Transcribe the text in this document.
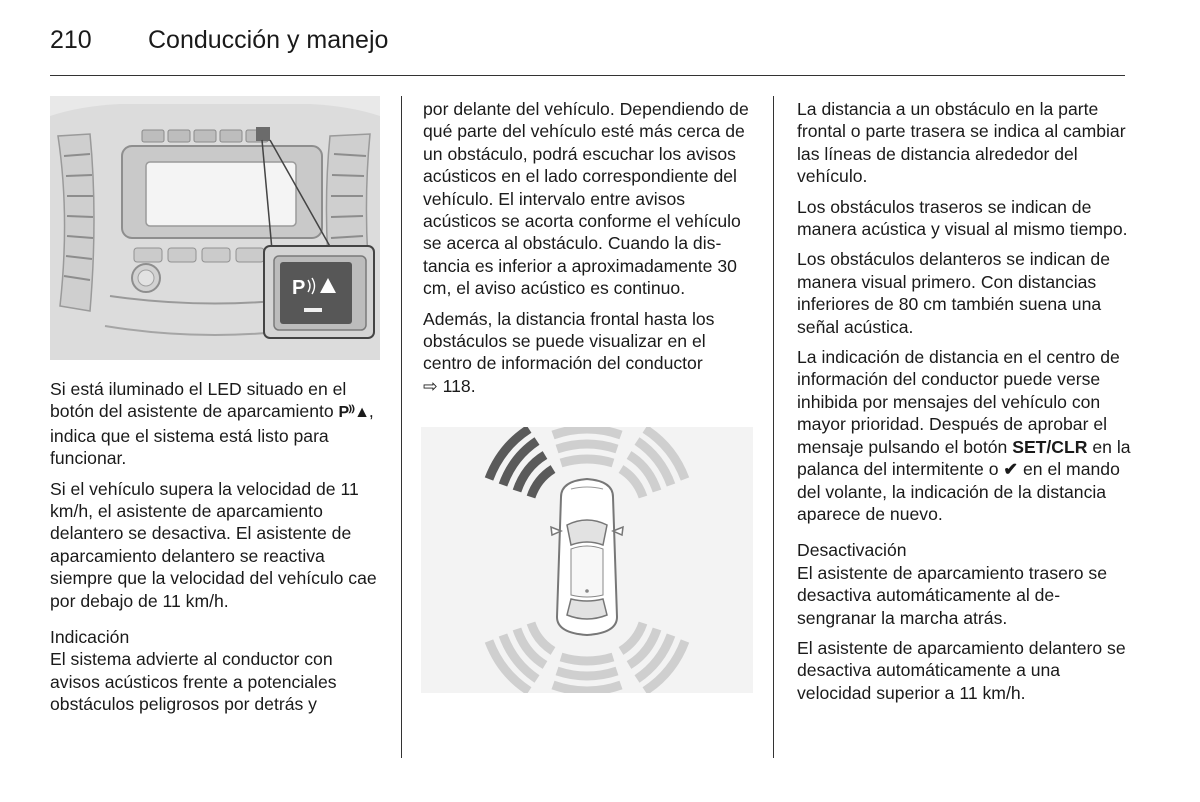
210 Conducción y manejo
P

Si está iluminado el LED situado en el botón del asistente de aparcamiento P⁾⁾▲, indica que el sistema está listo para funcionar.

Si el vehículo supera la velocidad de 11 km/h, el asistente de aparcamiento delantero se desactiva. El asistente de aparcamiento delantero se reactiva siempre que la velocidad del vehículo cae por debajo de 11 km/h.

Indicación

El sistema advierte al conductor con avisos acústicos frente a potenciales obstáculos peligrosos por detrás y

por delante del vehículo. Dependiendo de qué parte del vehículo esté más cerca de un obstáculo, podrá escuchar los avisos acústicos en el lado correspondiente del vehículo. El intervalo entre avisos acústicos se acorta conforme el vehículo se acerca al obstáculo. Cuando la distancia es inferior a aproximadamente 30 cm, el aviso acústico es continuo.

Además, la distancia frontal hasta los obstáculos se puede visualizar en el centro de información del conductor
⇨ 118.

La distancia a un obstáculo en la parte frontal o parte trasera se indica al cambiar las líneas de distancia alrededor del vehículo.

Los obstáculos traseros se indican de manera acústica y visual al mismo tiempo.

Los obstáculos delanteros se indican de manera visual primero. Con distancias inferiores de 80 cm también suena una señal acústica.

La indicación de distancia en el centro de información del conductor puede verse inhibida por mensajes del vehículo con mayor prioridad. Después de aprobar el mensaje pulsando el botón SET/CLR en la palanca del intermitente o ✔ en el mando del volante, la indicación de la distancia aparece de nuevo.

Desactivación

El asistente de aparcamiento trasero se desactiva automáticamente al desengranar la marcha atrás.

El asistente de aparcamiento delantero se desactiva automáticamente a una velocidad superior a 11 km/h.
